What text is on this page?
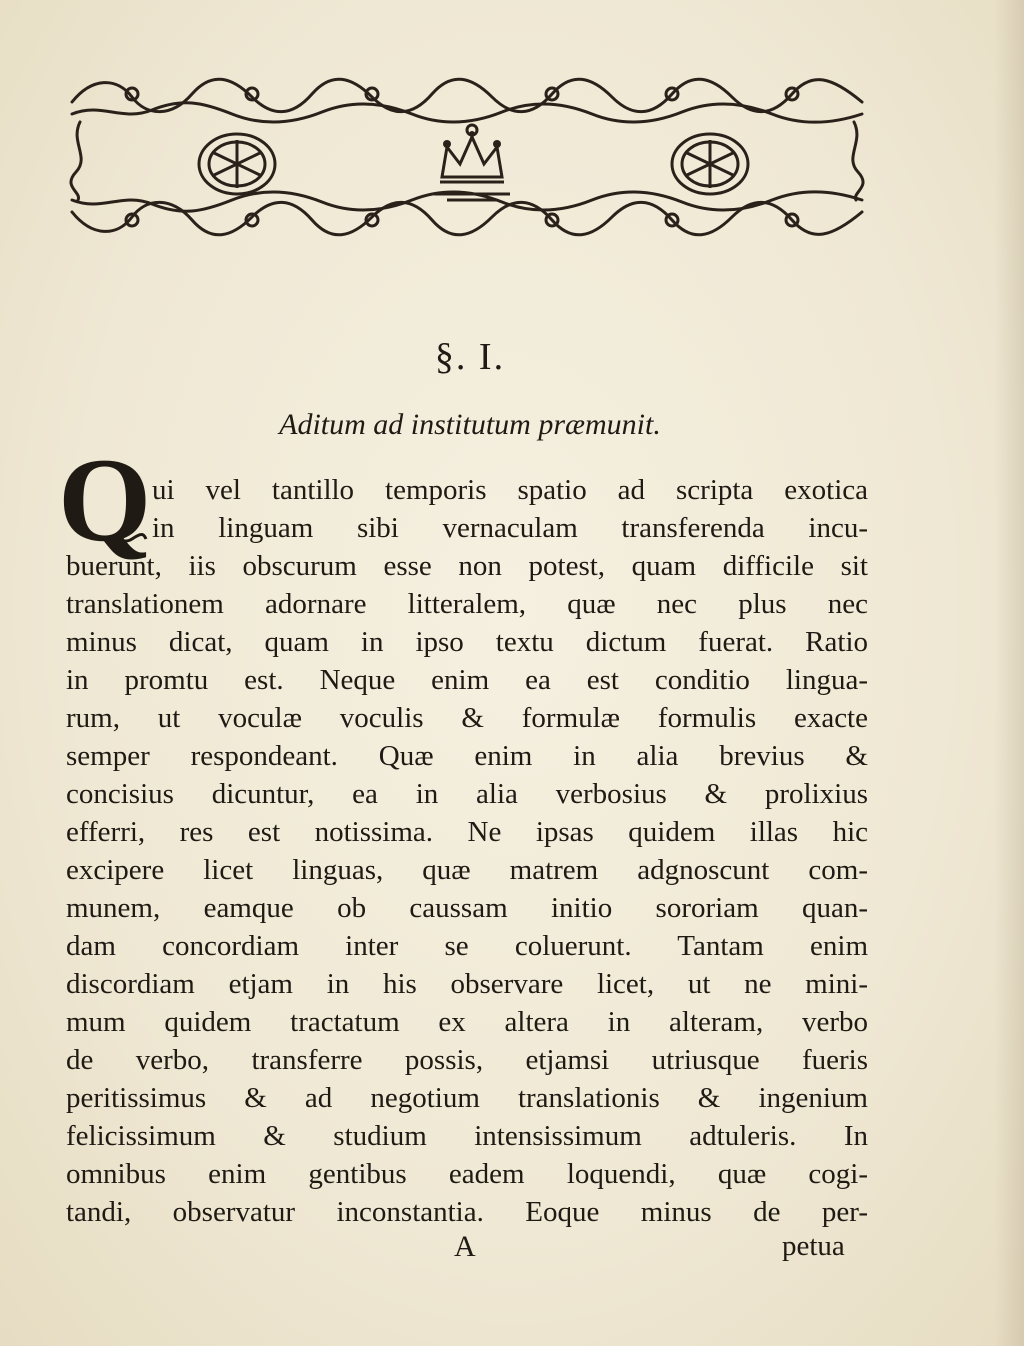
§. I.
Aditum ad institutum præmunit.
Q ui vel tantillo temporis spatio ad scripta exotica
in linguam sibi vernaculam transferenda incu-
buerunt, iis obscurum esse non potest, quam difficile sit
translationem adornare litteralem, quæ nec plus nec
minus dicat, quam in ipso textu dictum fuerat. Ratio
in promtu est. Neque enim ea est conditio lingua-
rum, ut voculæ voculis & formulæ formulis exacte
semper respondeant. Quæ enim in alia brevius &
concisius dicuntur, ea in alia verbosius & prolixius
efferri, res est notissima. Ne ipsas quidem illas hic
excipere licet linguas, quæ matrem adgnoscunt com-
munem, eamque ob caussam initio sororiam quan-
dam concordiam inter se coluerunt. Tantam enim
discordiam etjam in his observare licet, ut ne mini-
mum quidem tractatum ex altera in alteram, verbo
de verbo, transferre possis, etjamsi utriusque fueris
peritissimus & ad negotium translationis & ingenium
felicissimum & studium intensissimum adtuleris. In
omnibus enim gentibus eadem loquendi, quæ cogi-
tandi, observatur inconstantia. Eoque minus de per-
A	petua
